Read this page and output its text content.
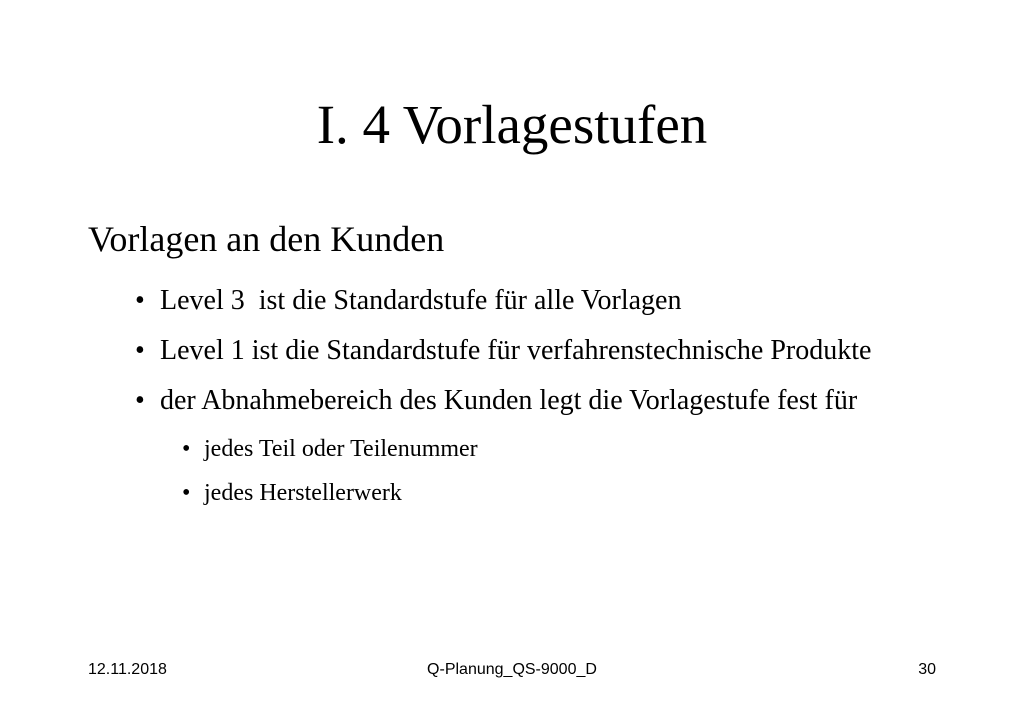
I. 4 Vorlagestufen
Vorlagen an den Kunden
• Level 3  ist die Standardstufe für alle Vorlagen
• Level 1 ist die Standardstufe für verfahrenstechnische Produkte
• der Abnahmebereich des Kunden legt die Vorlagestufe fest für
• jedes Teil oder Teilenummer
• jedes Herstellerwerk
12.11.2018	Q-Planung_QS-9000_D	30
